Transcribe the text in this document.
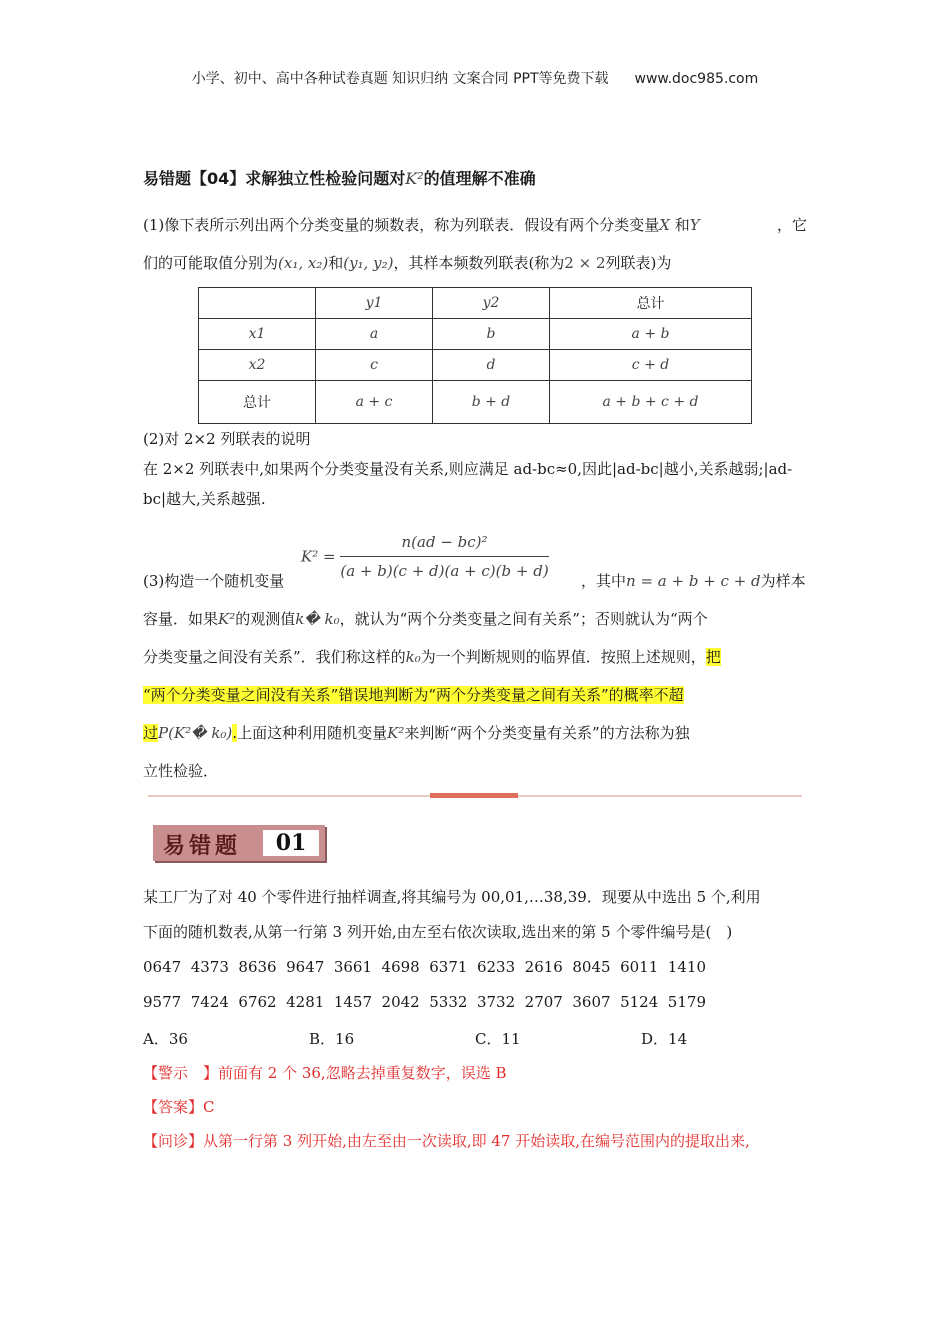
小学、初中、高中各种试卷真题 知识归纳 文案合同 PPT等免费下载 www.doc985.com
易错题【04】求解独立性检验问题对K²的值理解不准确
(1)像下表所示列出两个分类变量的频数表，称为列联表．假设有两个分类变量X 和Y	，它
们的可能取值分别为(x₁, x₂)和(y₁, y₂)，其样本频数列联表(称为2 × 2列联表)为
	y1	y2	总计
x1	a	b	a + b
x2	c	d	c + d
总计	a + c	b + d	a + b + c + d
(2)对 2×2 列联表的说明
在 2×2 列联表中,如果两个分类变量没有关系,则应满足 ad-bc≈0,因此|ad-bc|越小,关系越弱;|ad-bc|越大,关系越强.
(3)构造一个随机变量
$K^2 = \frac{\text{n(ad − bc)²}}{(a + b)(c + d)(a + c)(b + d)}$ ，其中n = a + b + c + d为样本
容量．如果K²的观测值k� k₀，就认为“两个分类变量之间有关系”；否则就认为“两个
分类变量之间没有关系”．我们称这样的k₀为一个判断规则的临界值．按照上述规则，把
“两个分类变量之间没有关系”错误地判断为“两个分类变量之间有关系”的概率不超
过P(K²� k₀).上面这种利用随机变量K²来判断“两个分类变量有关系”的方法称为独
立性检验．
易错题	01
某工厂为了对 40 个零件进行抽样调查,将其编号为 00,01,…38,39．现要从中选出 5 个,利用
下面的随机数表,从第一行第 3 列开始,由左至右依次读取,选出来的第 5 个零件编号是(　)
0647  4373  8636  9647  3661  4698  6371  6233  2616  8045  6011  1410
9577  7424  6762  4281  1457  2042  5332  3732  2707  3607  5124  5179
A．36	B．16	C．11	D．14
【警示　】前面有 2 个 36,忽略去掉重复数字，误选 B
【答案】C
【问诊】从第一行第 3 列开始,由左至由一次读取,即 47 开始读取,在编号范围内的提取出来,
